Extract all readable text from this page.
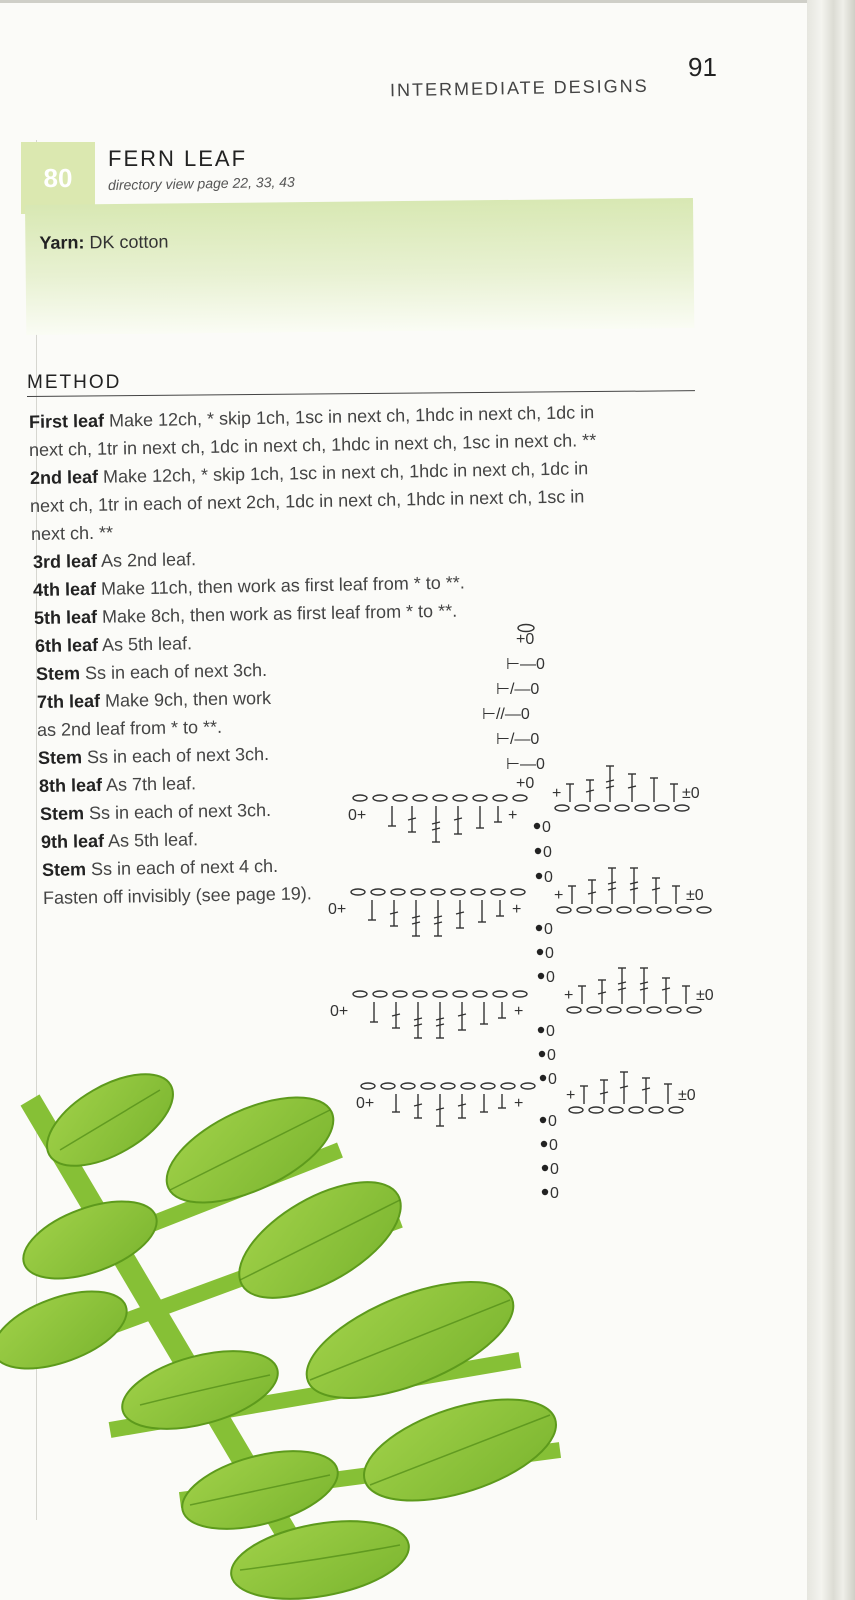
91
INTERMEDIATE DESIGNS
80
FERN LEAF
directory view page 22, 33, 43
Yarn: DK cotton
METHOD
First leaf Make 12ch, * skip 1ch, 1sc in next ch, 1hdc in next ch, 1dc in
next ch, 1tr in next ch, 1dc in next ch, 1hdc in next ch, 1sc in next ch. **
2nd leaf Make 12ch, * skip 1ch, 1sc in next ch, 1hdc in next ch, 1dc in
next ch, 1tr in each of next 2ch, 1dc in next ch, 1hdc in next ch, 1sc in
next ch. **
3rd leaf As 2nd leaf.
4th leaf Make 11ch, then work as first leaf from * to **.
5th leaf Make 8ch, then work as first leaf from * to **.
6th leaf As 5th leaf.
Stem Ss in each of next 3ch.
7th leaf Make 9ch, then work
as 2nd leaf from * to **.
Stem Ss in each of next 3ch.
8th leaf As 7th leaf.
Stem Ss in each of next 3ch.
9th leaf As 5th leaf.
Stem Ss in each of next 4 ch.
Fasten off invisibly (see page 19).
+0
⊢—0
⊢/—0
⊢//—0
⊢/—0
⊢—0
+0
+	±0
+	±0
+	±0
+	±0
0+	+
0+	+
0+	+
0+	+
0
0
0
0
0
0
0
0
0
0
0
0
0
